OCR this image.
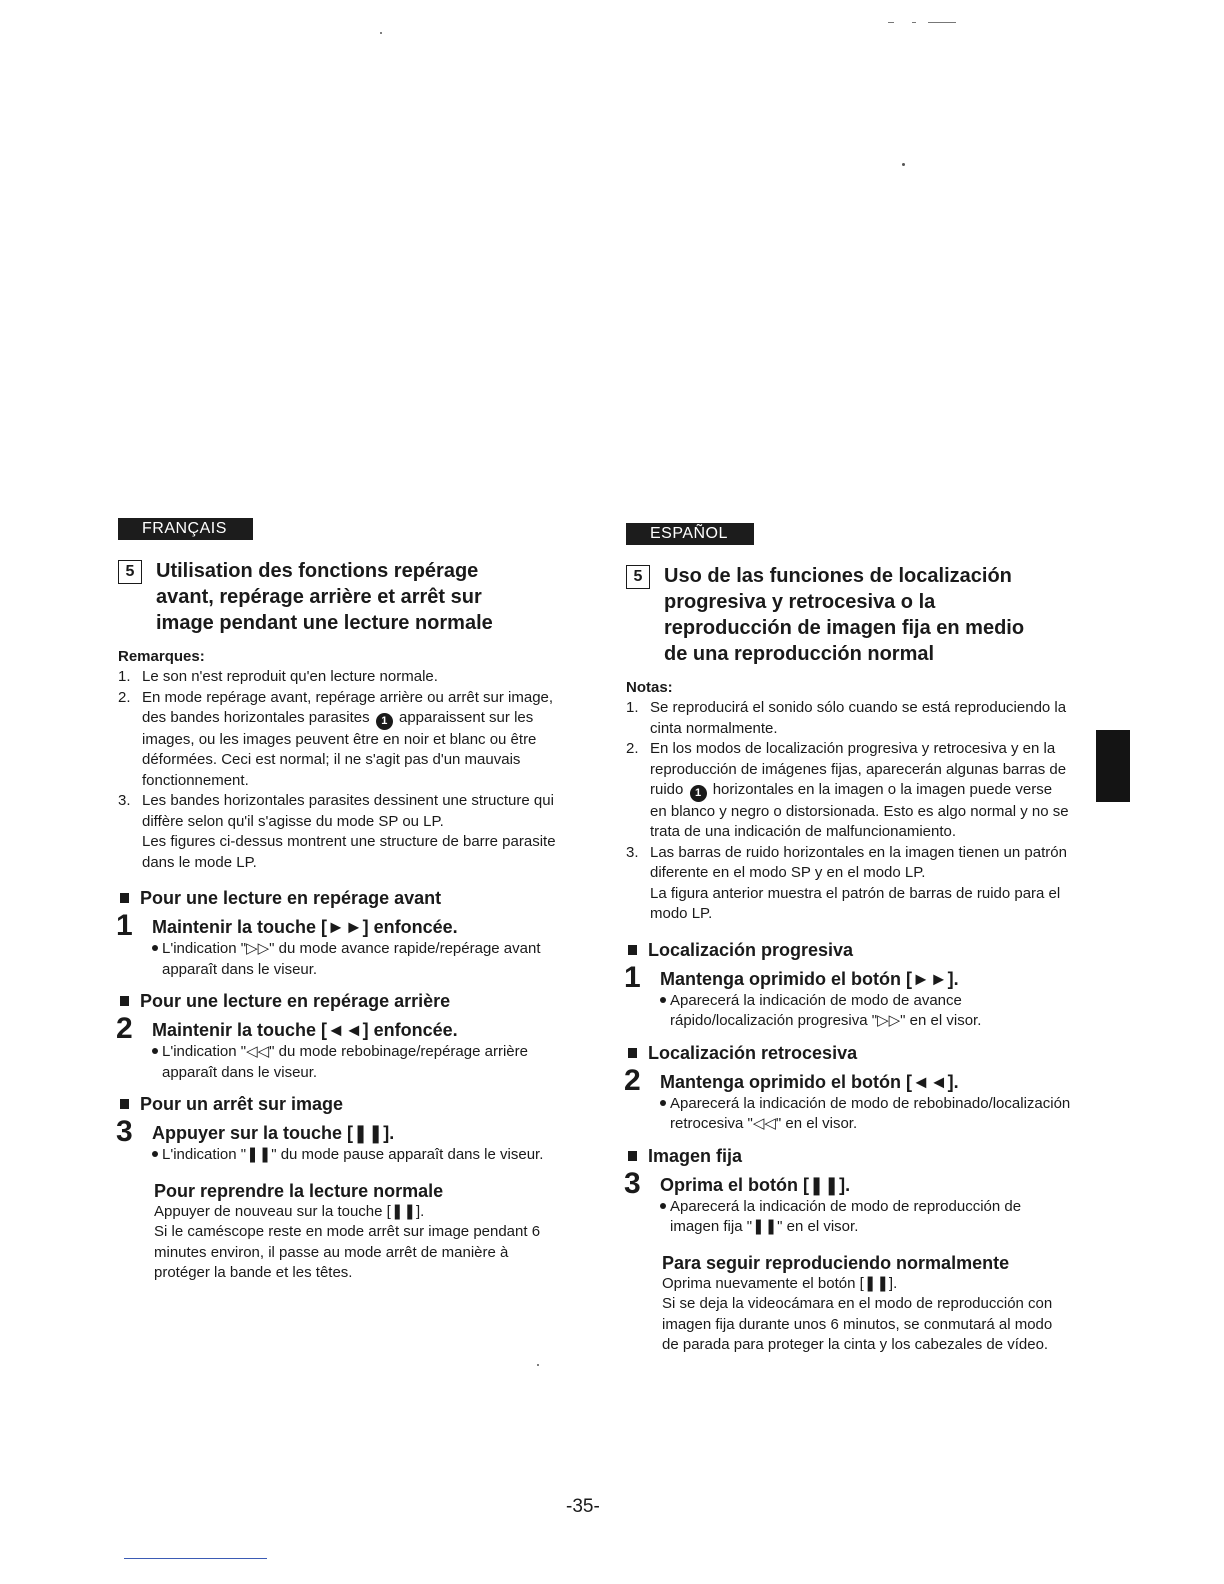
FRANÇAIS
5	Utilisation des fonctions repérage avant, repérage arrière et arrêt sur image pendant une lecture normale
Remarques:
1. Le son n'est reproduit qu'en lecture normale.
2. En mode repérage avant, repérage arrière ou arrêt sur image, des bandes horizontales parasites 1 apparaissent sur les images, ou les images peuvent être en noir et blanc ou être déformées. Ceci est normal; il ne s'agit pas d'un mauvais fonctionnement.
3. Les bandes horizontales parasites dessinent une structure qui diffère selon qu'il s'agisse du mode SP ou LP.
Les figures ci-dessus montrent une structure de barre parasite dans le mode LP.
Pour une lecture en repérage avant
1	Maintenir la touche [►►] enfoncée.
L'indication "▷▷" du mode avance rapide/repérage avant apparaît dans le viseur.
Pour une lecture en repérage arrière
2	Maintenir la touche [◄◄] enfoncée.
L'indication "◁◁" du mode rebobinage/repérage arrière apparaît dans le viseur.
Pour un arrêt sur image
3	Appuyer sur la touche [❚❚].
L'indication "❚❚" du mode pause apparaît dans le viseur.
Pour reprendre la lecture normale
Appuyer de nouveau sur la touche [❚❚].
Si le caméscope reste en mode arrêt sur image pendant 6 minutes environ, il passe au mode arrêt de manière à protéger la bande et les têtes.
ESPAÑOL
5	Uso de las funciones de localización progresiva y retrocesiva o la reproducción de imagen fija en medio de una reproducción normal
Notas:
1. Se reproducirá el sonido sólo cuando se está reproduciendo la cinta normalmente.
2. En los modos de localización progresiva y retrocesiva y en la reproducción de imágenes fijas, aparecerán algunas barras de ruido 1 horizontales en la imagen o la imagen puede verse en blanco y negro o distorsionada. Esto es algo normal y no se trata de una indicación de malfuncionamiento.
3. Las barras de ruido horizontales en la imagen tienen un patrón diferente en el modo SP y en el modo LP.
La figura anterior muestra el patrón de barras de ruido para el modo LP.
Localización progresiva
1	Mantenga oprimido el botón [►►].
Aparecerá la indicación de modo de avance rápido/localización progresiva "▷▷" en el visor.
Localización retrocesiva
2	Mantenga oprimido el botón [◄◄].
Aparecerá la indicación de modo de rebobinado/localización retrocesiva "◁◁" en el visor.
Imagen fija
3	Oprima el botón [❚❚].
Aparecerá la indicación de modo de reproducción de imagen fija "❚❚" en el visor.
Para seguir reproduciendo normalmente
Oprima nuevamente el botón [❚❚].
Si se deja la videocámara en el modo de reproducción con imagen fija durante unos 6 minutos, se conmutará al modo de parada para proteger la cinta y los cabezales de vídeo.
-35-
